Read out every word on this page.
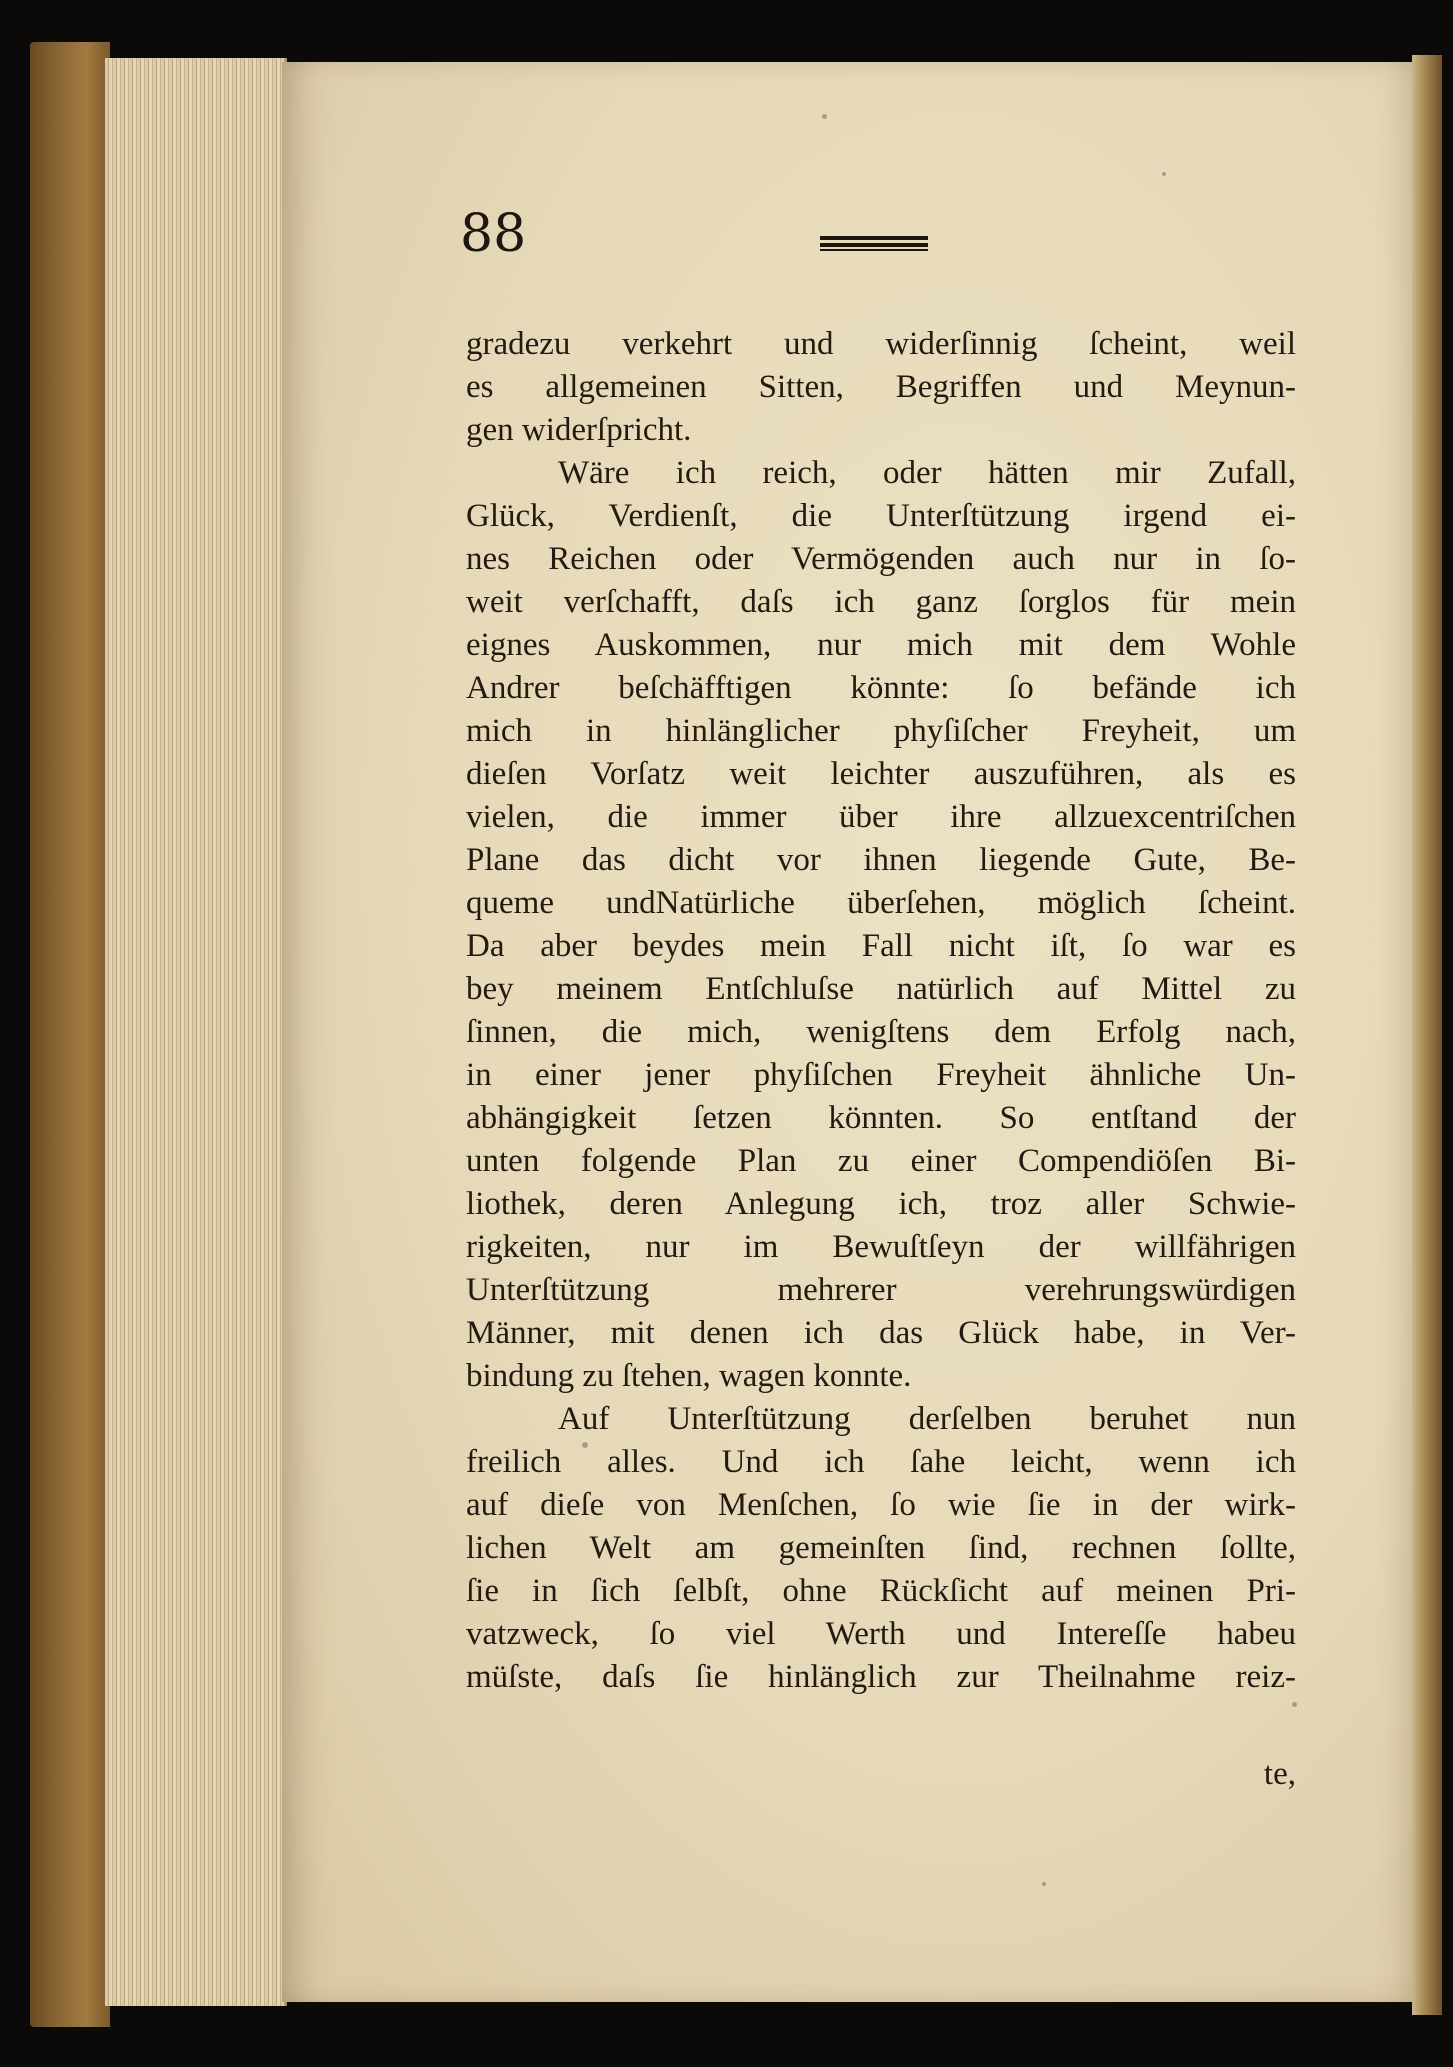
88
gradezu verkehrt und widerſinnig ſcheint, weil
es allgemeinen Sitten, Begriffen und Meynun-
gen widerſpricht.
Wäre ich reich, oder hätten mir Zufall,
Glück, Verdienſt, die Unterſtützung irgend ei-
nes Reichen oder Vermögenden auch nur in ſo-
weit verſchafft, daſs ich ganz ſorglos für mein
eignes Auskommen, nur mich mit dem Wohle
Andrer beſchäfftigen könnte: ſo befände ich
mich in hinlänglicher phyſiſcher Freyheit, um
dieſen Vorſatz weit leichter auszuführen, als es
vielen, die immer über ihre allzuexcentriſchen
Plane das dicht vor ihnen liegende Gute, Be-
queme undNatürliche überſehen, möglich ſcheint.
Da aber beydes mein Fall nicht iſt, ſo war es
bey meinem Entſchluſse natürlich auf Mittel zu
ſinnen, die mich, wenigſtens dem Erfolg nach,
in einer jener phyſiſchen Freyheit ähnliche Un-
abhängigkeit ſetzen könnten. So entſtand der
unten folgende Plan zu einer Compendiöſen Bi-
liothek, deren Anlegung ich, troz aller Schwie-
rigkeiten, nur im Bewuſtſeyn der willfährigen
Unterſtützung mehrerer verehrungswürdigen
Männer, mit denen ich das Glück habe, in Ver-
bindung zu ſtehen, wagen konnte.
Auf Unterſtützung derſelben beruhet nun
freilich alles. Und ich ſahe leicht, wenn ich
auf dieſe von Menſchen, ſo wie ſie in der wirk-
lichen Welt am gemeinſten ſind, rechnen ſollte,
ſie in ſich ſelbſt, ohne Rückſicht auf meinen Pri-
vatzweck, ſo viel Werth und Intereſſe habeu
müſste, daſs ſie hinlänglich zur Theilnahme reiz-
te,
